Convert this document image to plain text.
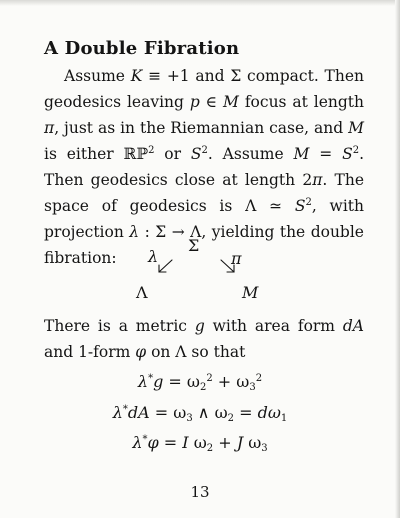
A Double Fibration
Assume K ≡ +1 and Σ compact. Then geodesics leaving p ∈ M focus at length π, just as in the Riemannian case, and M is either ℝℙ$^2$ or $S^2$. Assume $M = S^2$. Then geodesics close at length 2π. The space of geodesics is Λ ≃ $S^2$, with projection λ : Σ → Λ, yielding the double fibration:
Σ
λ	π
Λ	M
There is a metric g with area form dA and 1-form φ on Λ so that
$\lambda^*g = \omega_2^2 + \omega_3^2$
$\lambda^*dA = \omega_3$ ∧ $\omega_2 = d\omega_1$
λ*φ = I $\omega_2 + J$ $\omega_3$
13
